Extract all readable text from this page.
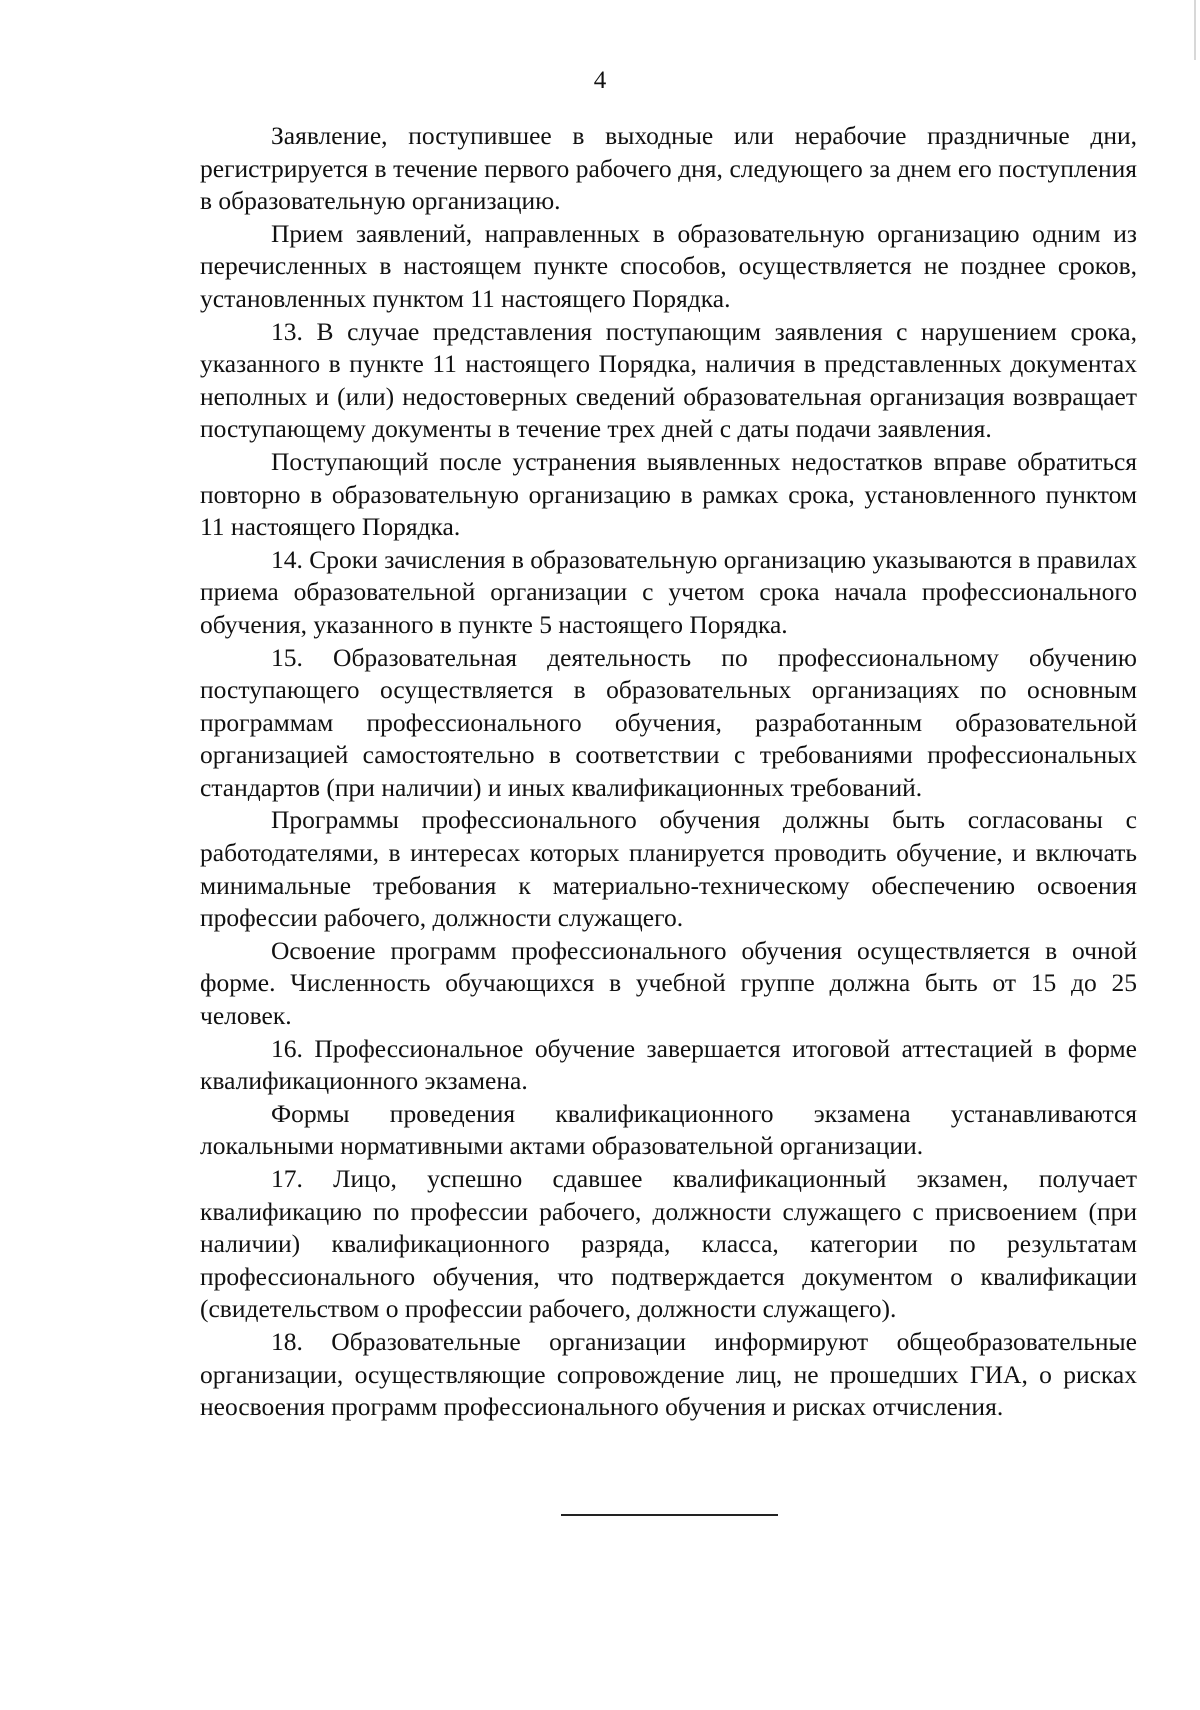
4

Заявление, поступившее в выходные или нерабочие праздничные дни, регистрируется в течение первого рабочего дня, следующего за днем его поступления в образовательную организацию.

Прием заявлений, направленных в образовательную организацию одним из перечисленных в настоящем пункте способов, осуществляется не позднее сроков, установленных пунктом 11 настоящего Порядка.

13. В случае представления поступающим заявления с нарушением срока, указанного в пункте 11 настоящего Порядка, наличия в представленных документах неполных и (или) недостоверных сведений образовательная организация возвращает поступающему документы в течение трех дней с даты подачи заявления.

Поступающий после устранения выявленных недостатков вправе обратиться повторно в образовательную организацию в рамках срока, установленного пунктом 11 настоящего Порядка.

14. Сроки зачисления в образовательную организацию указываются в правилах приема образовательной организации с учетом срока начала профессионального обучения, указанного в пункте 5 настоящего Порядка.

15. Образовательная деятельность по профессиональному обучению поступающего осуществляется в образовательных организациях по основным программам профессионального обучения, разработанным образовательной организацией самостоятельно в соответствии с требованиями профессиональных стандартов (при наличии) и иных квалификационных требований.

Программы профессионального обучения должны быть согласованы с работодателями, в интересах которых планируется проводить обучение, и включать минимальные требования к материально-техническому обеспечению освоения профессии рабочего, должности служащего.

Освоение программ профессионального обучения осуществляется в очной форме. Численность обучающихся в учебной группе должна быть от 15 до 25 человек.

16. Профессиональное обучение завершается итоговой аттестацией в форме квалификационного экзамена.

Формы проведения квалификационного экзамена устанавливаются локальными нормативными актами образовательной организации.

17. Лицо, успешно сдавшее квалификационный экзамен, получает квалификацию по профессии рабочего, должности служащего с присвоением (при наличии) квалификационного разряда, класса, категории по результатам профессионального обучения, что подтверждается документом о квалификации (свидетельством о профессии рабочего, должности служащего).

18. Образовательные организации информируют общеобразовательные организации, осуществляющие сопровождение лиц, не прошедших ГИА, о рисках неосвоения программ профессионального обучения и рисках отчисления.
